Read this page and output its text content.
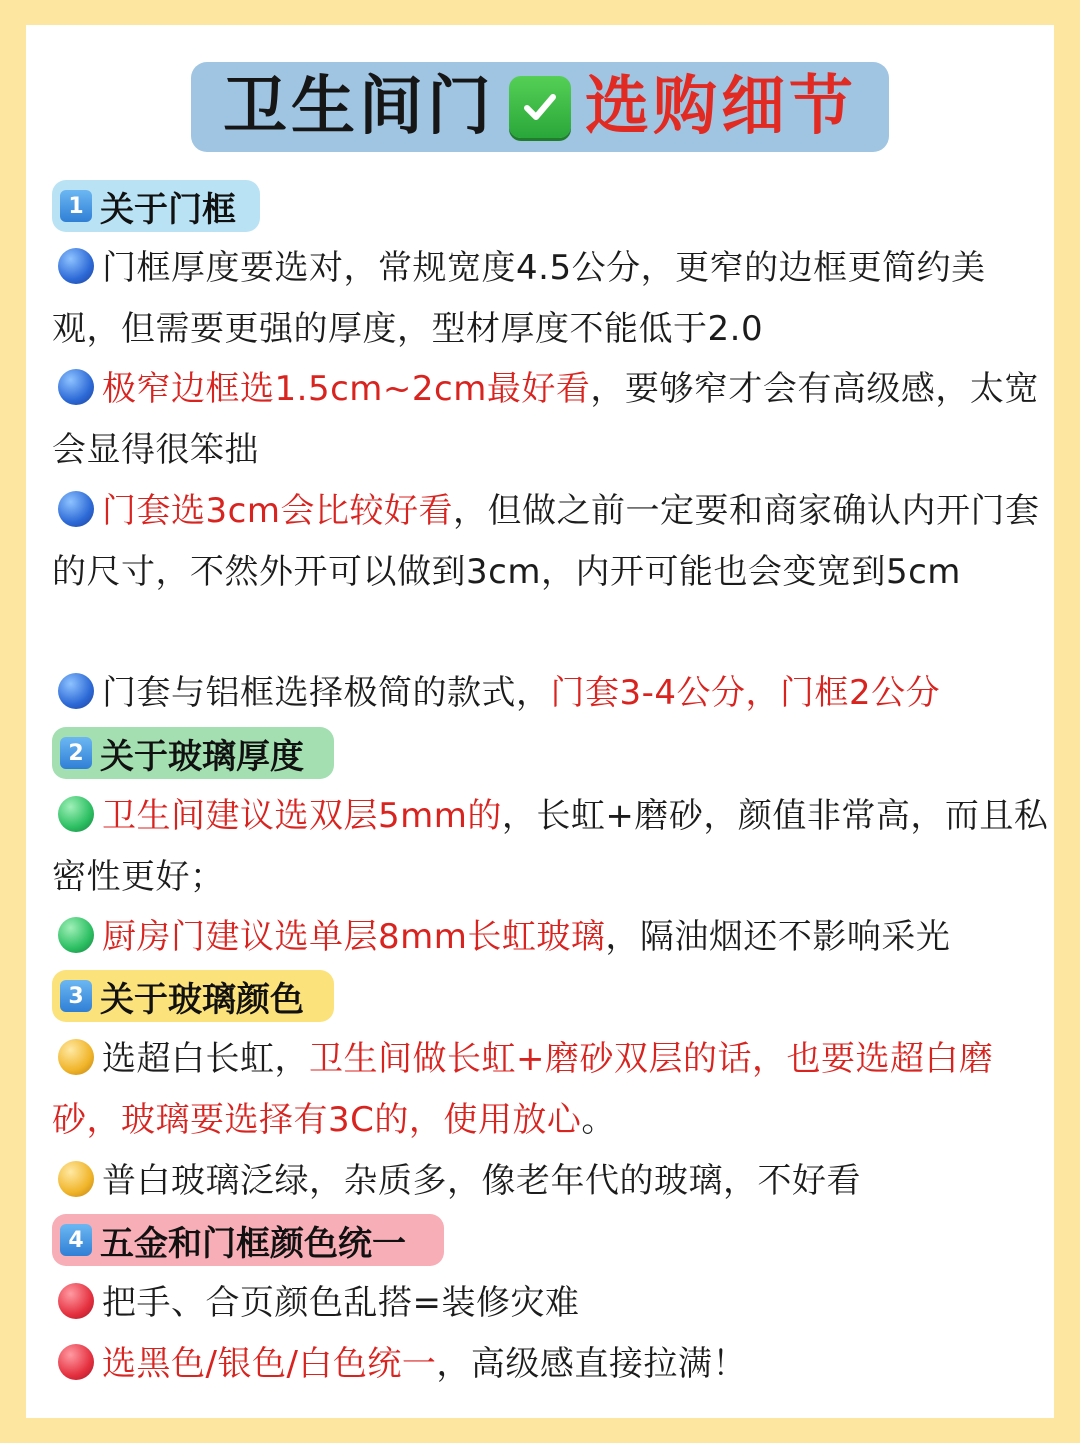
卫生间门 选购细节
1 关于门框

门框厚度要选对，常规宽度4.5公分，更窄的边框更简约美观，但需要更强的厚度，型材厚度不能低于2.0

极窄边框选1.5cm~2cm最好看，要够窄才会有高级感，太宽会显得很笨拙

门套选3cm会比较好看，但做之前一定要和商家确认内开门套的尺寸，不然外开可以做到3cm，内开可能也会变宽到5cm

门套与铝框选择极简的款式，门套3-4公分，门框2公分

2 关于玻璃厚度

卫生间建议选双层5mm的，长虹+磨砂，颜值非常高，而且私密性更好；

厨房门建议选单层8mm长虹玻璃，隔油烟还不影响采光

3 关于玻璃颜色

选超白长虹，卫生间做长虹+磨砂双层的话，也要选超白磨砂，玻璃要选择有3C的，使用放心。

普白玻璃泛绿，杂质多，像老年代的玻璃，不好看

4 五金和门框颜色统一

把手、合页颜色乱搭=装修灾难

选黑色/银色/白色统一，高级感直接拉满！
